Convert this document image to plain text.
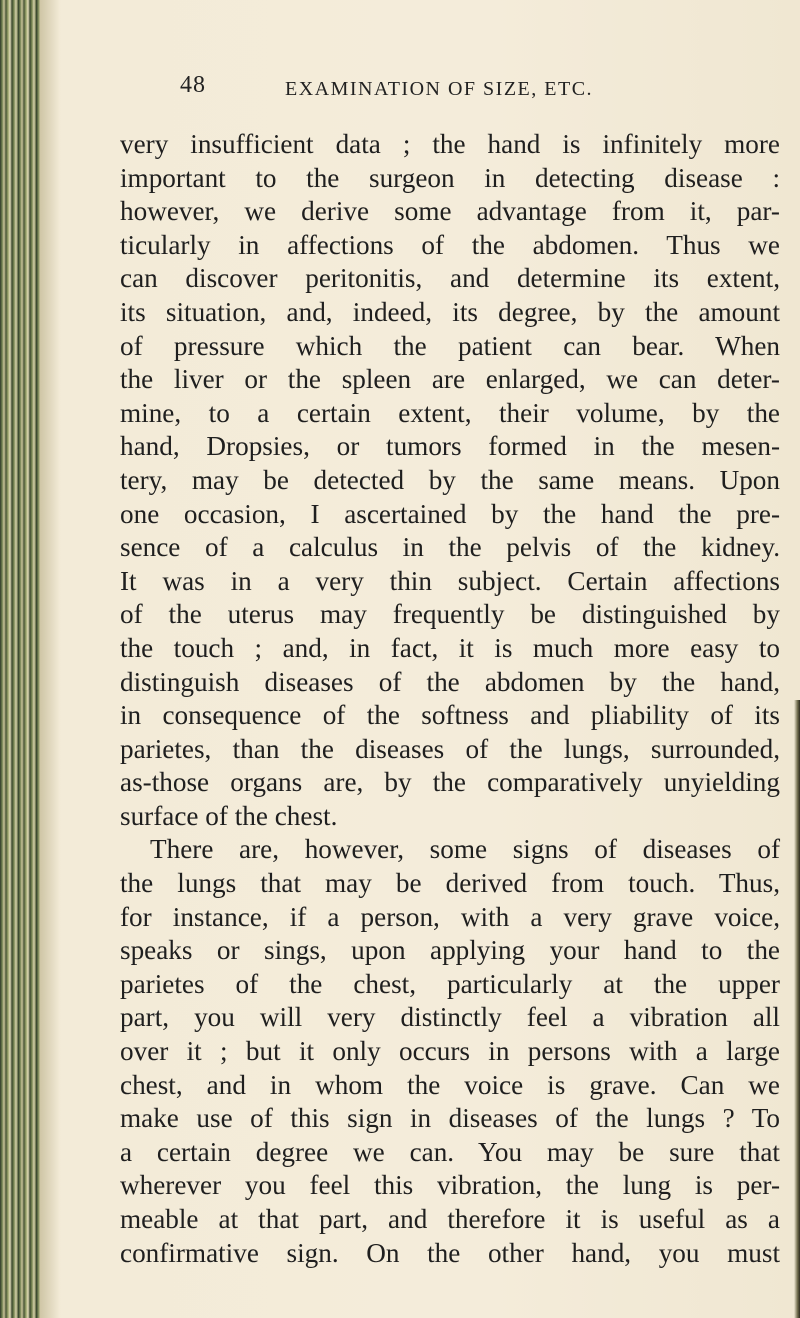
48	EXAMINATION OF SIZE, ETC.
very insufficient data ; the hand is infinitely more
important to the surgeon in detecting disease :
however, we derive some advantage from it, par-
ticularly in affections of the abdomen. Thus we
can discover peritonitis, and determine its extent,
its situation, and, indeed, its degree, by the amount
of pressure which the patient can bear. When
the liver or the spleen are enlarged, we can deter-
mine, to a certain extent, their volume, by the
hand, Dropsies, or tumors formed in the mesen-
tery, may be detected by the same means. Upon
one occasion, I ascertained by the hand the pre-
sence of a calculus in the pelvis of the kidney.
It was in a very thin subject. Certain affections
of the uterus may frequently be distinguished by
the touch ; and, in fact, it is much more easy to
distinguish diseases of the abdomen by the hand,
in consequence of the softness and pliability of its
parietes, than the diseases of the lungs, surrounded,
as-those organs are, by the comparatively unyielding
surface of the chest.
There are, however, some signs of diseases of
the lungs that may be derived from touch. Thus,
for instance, if a person, with a very grave voice,
speaks or sings, upon applying your hand to the
parietes of the chest, particularly at the upper
part, you will very distinctly feel a vibration all
over it ; but it only occurs in persons with a large
chest, and in whom the voice is grave. Can we
make use of this sign in diseases of the lungs ? To
a certain degree we can. You may be sure that
wherever you feel this vibration, the lung is per-
meable at that part, and therefore it is useful as a
confirmative sign. On the other hand, you must
